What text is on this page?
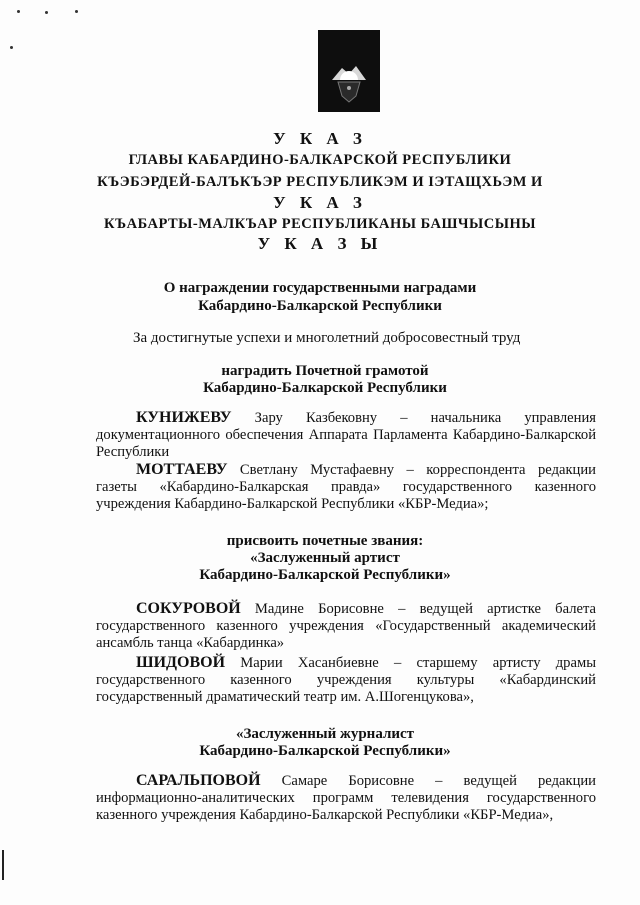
У К А З
ГЛАВЫ КАБАРДИНО-БАЛКАРСКОЙ РЕСПУБЛИКИ
КЪЭБЭРДЕЙ-БАЛЪКЪЭР РЕСПУБЛИКЭМ И ІЭТАЩХЬЭМ И
У К А З
КЪАБАРТЫ-МАЛКЪАР РЕСПУБЛИКАНЫ БАШЧЫСЫНЫ
У К А З Ы
О награждении государственными наградами
Кабардино-Балкарской Республики
За достигнутые успехи и многолетний добросовестный труд
наградить Почетной грамотой
Кабардино-Балкарской Республики
КУНИЖЕВУ Зару Казбековну – начальника управления документационного обеспечения Аппарата Парламента Кабардино-Балкарской Республики
МОТТАЕВУ Светлану Мустафаевну – корреспондента редакции газеты «Кабардино-Балкарская правда» государственного казенного учреждения Кабардино-Балкарской Республики «КБР-Медиа»;
присвоить почетные звания:
«Заслуженный артист
Кабардино-Балкарской Республики»
СОКУРОВОЙ Мадине Борисовне – ведущей артистке балета государственного казенного учреждения «Государственный академический ансамбль танца «Кабардинка»
ШИДОВОЙ Марии Хасанбиевне – старшему артисту драмы государственного казенного учреждения культуры «Кабардинский государственный драматический театр им. А.Шогенцукова»,
«Заслуженный журналист
Кабардино-Балкарской Республики»
САРАЛЬПОВОЙ Самаре Борисовне – ведущей редакции информационно-аналитических программ телевидения государственного казенного учреждения Кабардино-Балкарской Республики «КБР-Медиа»,
